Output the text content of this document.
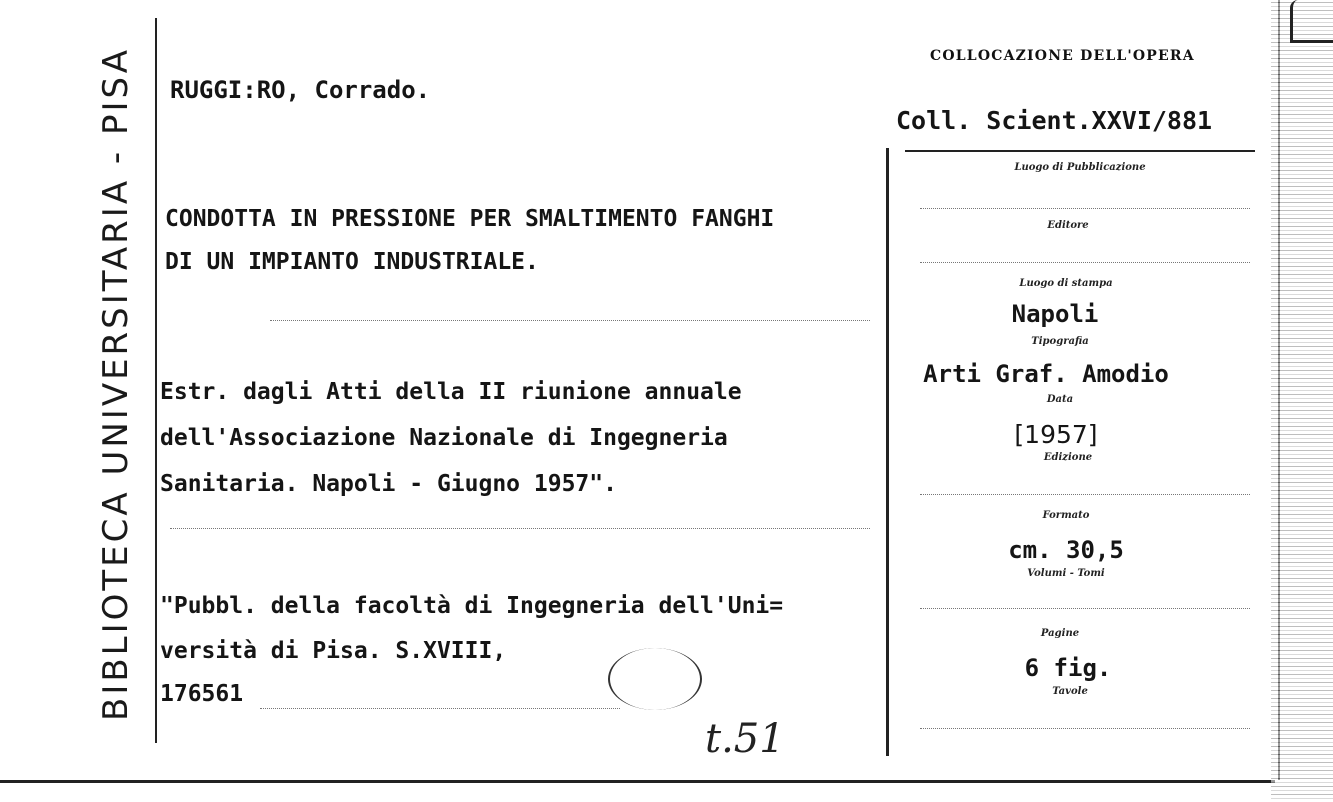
BIBLIOTECA UNIVERSITARIA - PISA RUGGI:RO, Corrado.
COLLOCAZIONE DELL'OPERA
Coll. Scient.XXVI/881
CONDOTTA IN PRESSIONE PER SMALTIMENTO FANGHI
DI UN IMPIANTO INDUSTRIALE.
Estr. dagli Atti della II riunione annuale
dell'Associazione Nazionale di Ingegneria
Sanitaria. Napoli - Giugno 1957".
"Pubbl. della facoltà di Ingegneria dell'Uni=
versità di Pisa. S.XVIII,
176561
t.51
Luogo di Pubblicazione
Editore
Luogo di stampa
Napoli
Tipografia
Arti Graf. Amodio
Data
[1957]
Edizione
Formato
cm. 30,5
Volumi - Tomi
Pagine
6 fig.
Tavole
